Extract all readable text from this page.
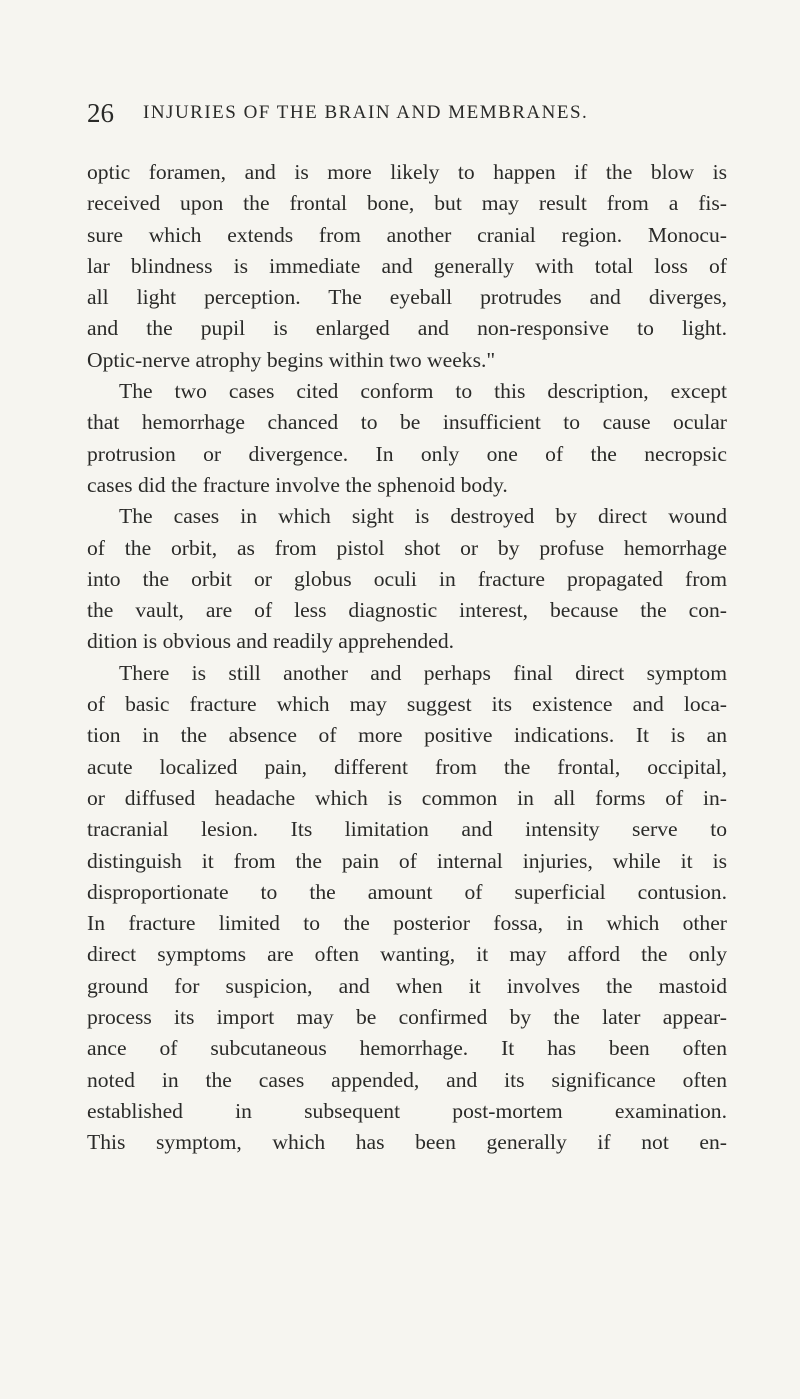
26 INJURIES OF THE BRAIN AND MEMBRANES.
optic foramen, and is more likely to happen if the blow is
received upon the frontal bone, but may result from a fis-
sure which extends from another cranial region. Monocu-
lar blindness is immediate and generally with total loss of
all light perception. The eyeball protrudes and diverges,
and the pupil is enlarged and non-responsive to light.
Optic-nerve atrophy begins within two weeks."
The two cases cited conform to this description, except
that hemorrhage chanced to be insufficient to cause ocular
protrusion or divergence. In only one of the necropsic
cases did the fracture involve the sphenoid body.
The cases in which sight is destroyed by direct wound
of the orbit, as from pistol shot or by profuse hemorrhage
into the orbit or globus oculi in fracture propagated from
the vault, are of less diagnostic interest, because the con-
dition is obvious and readily apprehended.
There is still another and perhaps final direct symptom
of basic fracture which may suggest its existence and loca-
tion in the absence of more positive indications. It is an
acute localized pain, different from the frontal, occipital,
or diffused headache which is common in all forms of in-
tracranial lesion. Its limitation and intensity serve to
distinguish it from the pain of internal injuries, while it is
disproportionate to the amount of superficial contusion.
In fracture limited to the posterior fossa, in which other
direct symptoms are often wanting, it may afford the only
ground for suspicion, and when it involves the mastoid
process its import may be confirmed by the later appear-
ance of subcutaneous hemorrhage. It has been often
noted in the cases appended, and its significance often
established in subsequent post-mortem examination.
This symptom, which has been generally if not en-
